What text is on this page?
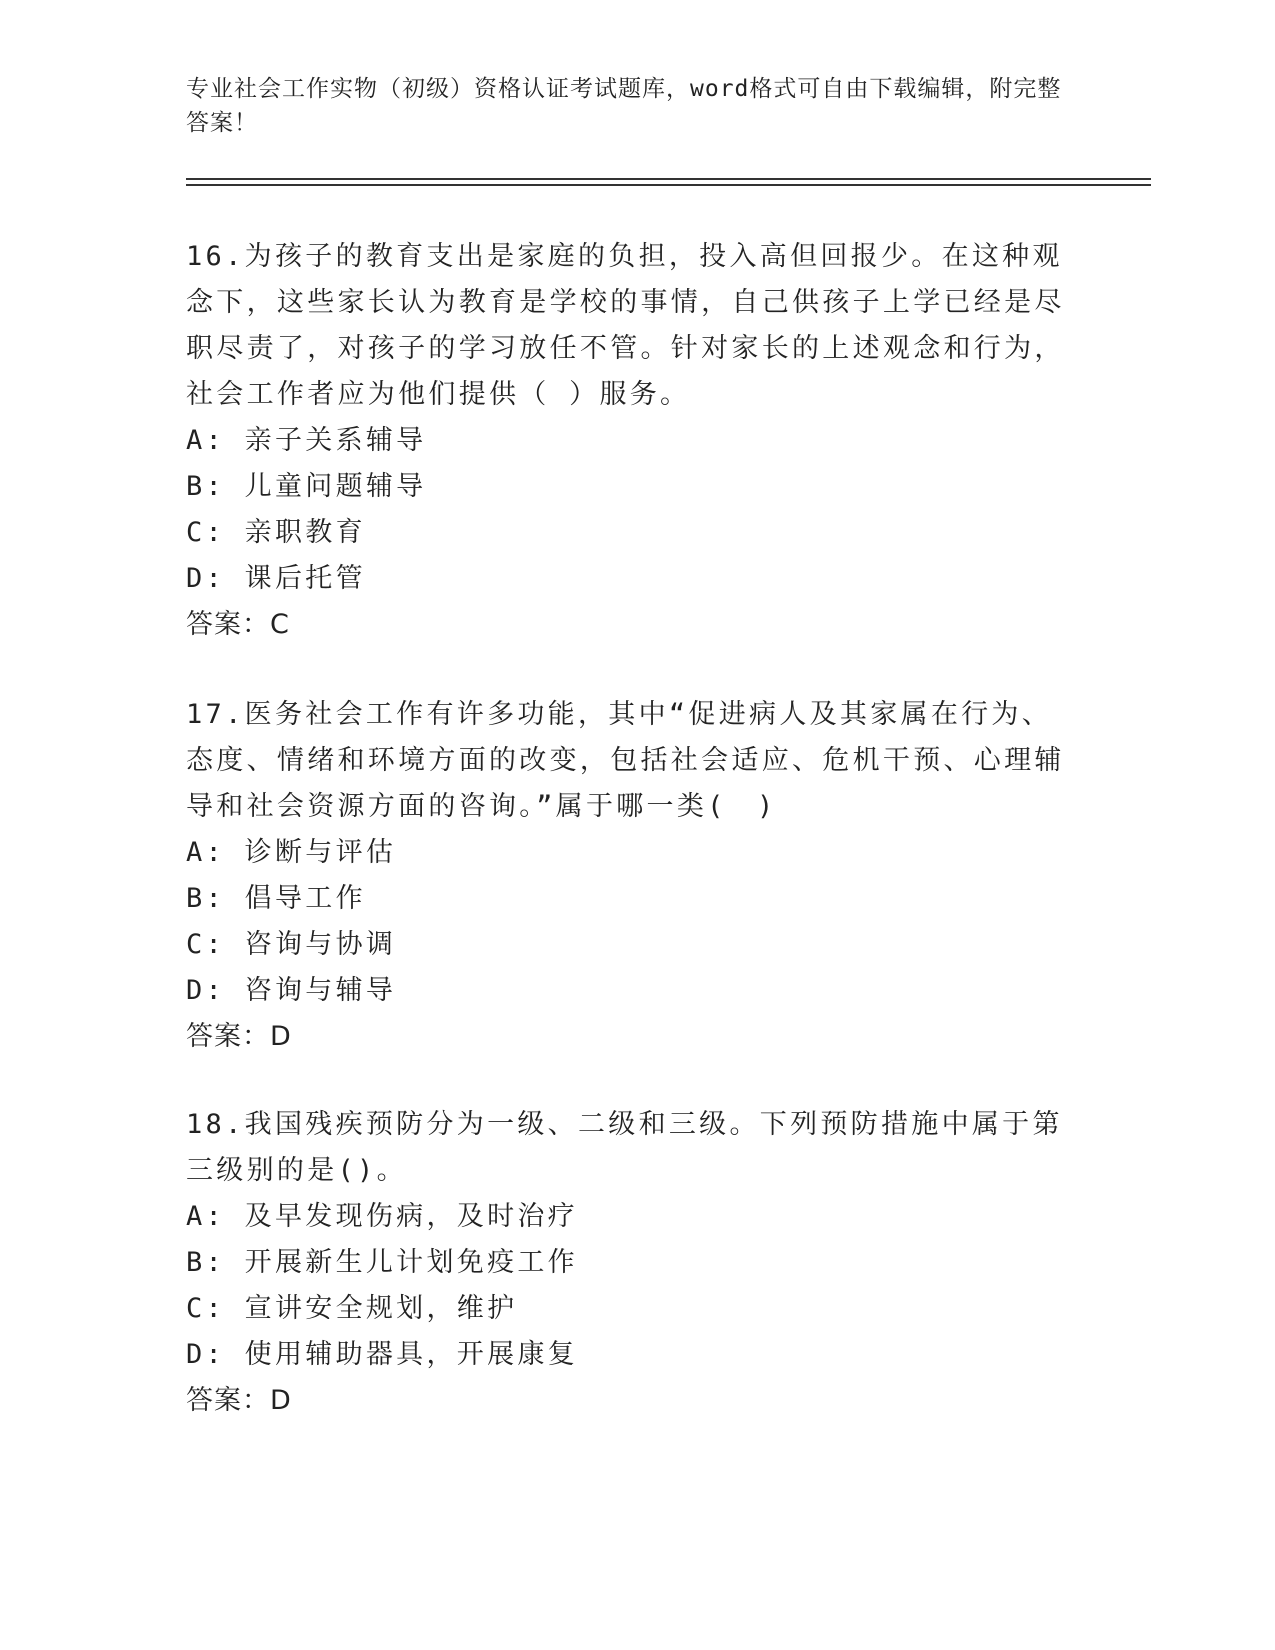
专业社会工作实物（初级）资格认证考试题库，word格式可自由下载编辑，附完整答案！

16.为孩子的教育支出是家庭的负担，投入高但回报少。在这种观念下，这些家长认为教育是学校的事情，自己供孩子上学已经是尽职尽责了，对孩子的学习放任不管。针对家长的上述观念和行为，社会工作者应为他们提供（ ）服务。

A: 亲子关系辅导

B: 儿童问题辅导

C: 亲职教育

D: 课后托管

答案：C

17.医务社会工作有许多功能，其中“促进病人及其家属在行为、态度、情绪和环境方面的改变，包括社会适应、危机干预、心理辅导和社会资源方面的咨询。”属于哪一类(　)

A: 诊断与评估

B: 倡导工作

C: 咨询与协调

D: 咨询与辅导

答案：D

18.我国残疾预防分为一级、二级和三级。下列预防措施中属于第三级别的是()。

A: 及早发现伤病，及时治疗

B: 开展新生儿计划免疫工作

C: 宣讲安全规划，维护

D: 使用辅助器具，开展康复

答案：D
